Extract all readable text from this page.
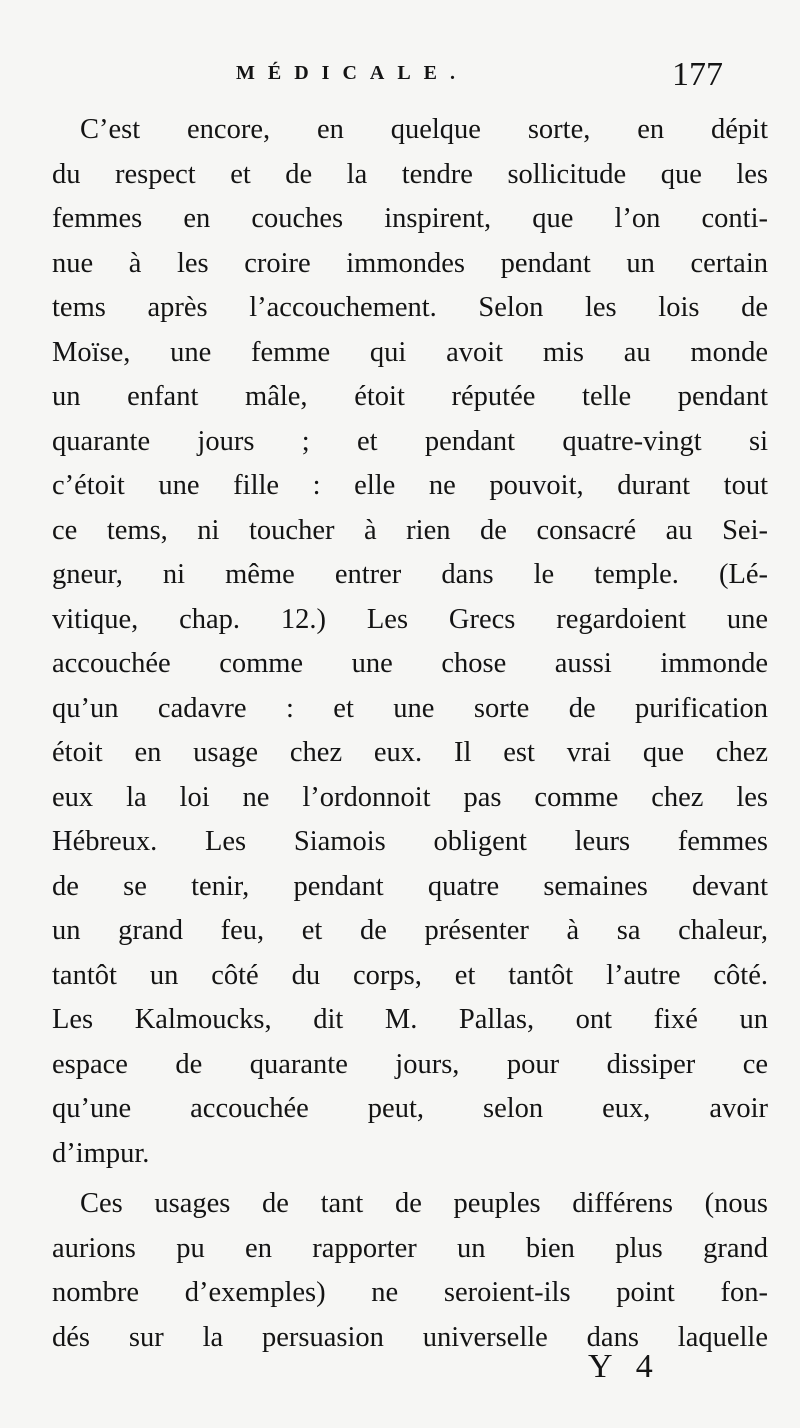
MÉDICALE.	177
C’est encore, en quelque sorte, en dépit
du respect et de la tendre sollicitude que les
femmes en couches inspirent, que l’on conti-
nue à les croire immondes pendant un certain
tems après l’accouchement. Selon les lois de
Moïse, une femme qui avoit mis au monde
un enfant mâle, étoit réputée telle pendant
quarante jours ; et pendant quatre-vingt si
c’étoit une fille : elle ne pouvoit, durant tout
ce tems, ni toucher à rien de consacré au Sei-
gneur, ni même entrer dans le temple. (Lé-
vitique, chap. 12.) Les Grecs regardoient une
accouchée comme une chose aussi immonde
qu’un cadavre : et une sorte de purification
étoit en usage chez eux. Il est vrai que chez
eux la loi ne l’ordonnoit pas comme chez les
Hébreux. Les Siamois obligent leurs femmes
de se tenir, pendant quatre semaines devant
un grand feu, et de présenter à sa chaleur,
tantôt un côté du corps, et tantôt l’autre côté.
Les Kalmoucks, dit M. Pallas, ont fixé un
espace de quarante jours, pour dissiper ce
qu’une accouchée peut, selon eux, avoir
d’impur.
Ces usages de tant de peuples différens (nous
aurions pu en rapporter un bien plus grand
nombre d’exemples) ne seroient-ils point fon-
dés sur la persuasion universelle dans laquelle
Y 4
